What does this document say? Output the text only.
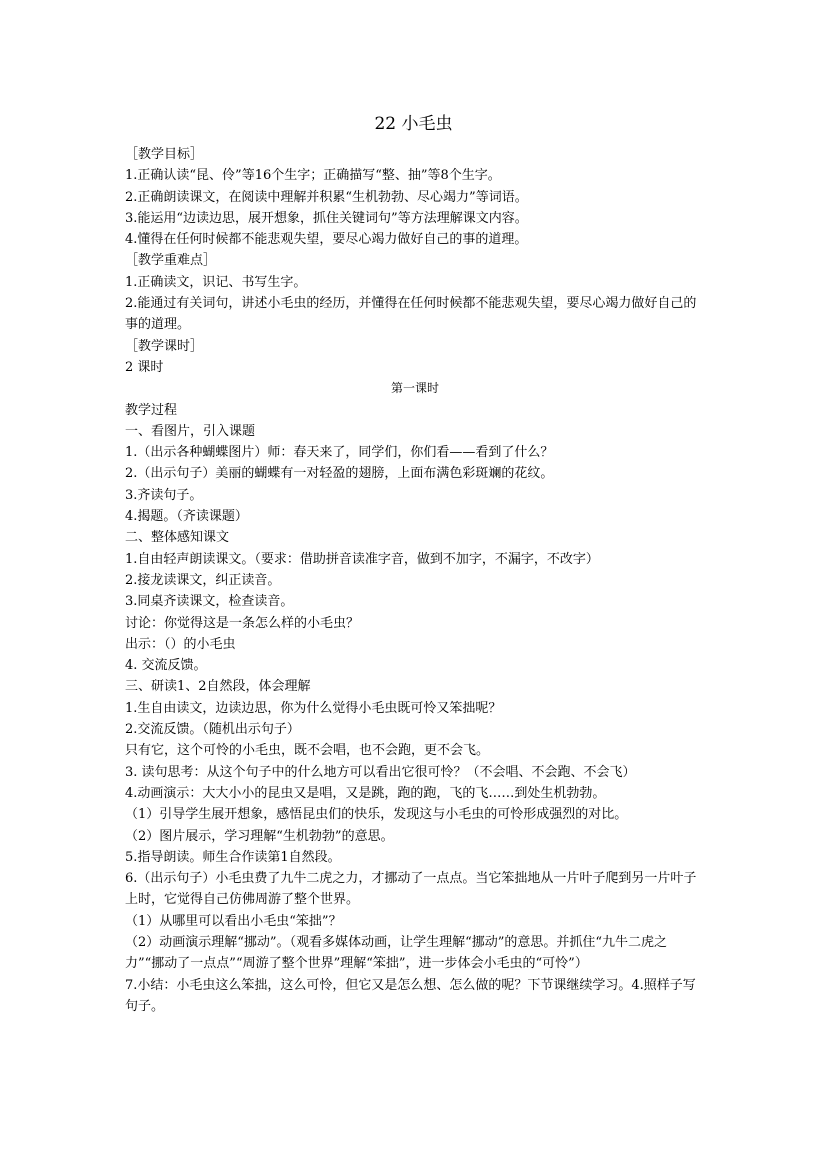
22 小毛虫
［教学目标］
1.正确认读“昆、伶”等16个生字；正确描写“整、抽”等8个生字。
2.正确朗读课文，在阅读中理解并积累“生机勃勃、尽心竭力”等词语。
3.能运用“边读边思，展开想象，抓住关键词句”等方法理解课文内容。
4.懂得在任何时候都不能悲观失望，要尽心竭力做好自己的事的道理。
［教学重难点］
1.正确读文，识记、书写生字。
2.能通过有关词句，讲述小毛虫的经历，并懂得在任何时候都不能悲观失望，要尽心竭力做好自己的事的道理。
［教学课时］
2 课时
第一课时
教学过程
一、看图片，引入课题
1.（出示各种蝴蝶图片）师：春天来了，同学们，你们看——看到了什么？
2.（出示句子）美丽的蝴蝶有一对轻盈的翅膀，上面布满色彩斑斓的花纹。
3.齐读句子。
4.揭题。（齐读课题）
二、整体感知课文
1.自由轻声朗读课文。（要求：借助拼音读准字音，做到不加字，不漏字，不改字）
2.接龙读课文，纠正读音。
3.同桌齐读课文，检查读音。
讨论：你觉得这是一条怎么样的小毛虫？
出示：（）的小毛虫
4. 交流反馈。
三、研读1、2自然段，体会理解
1.生自由读文，边读边思，你为什么觉得小毛虫既可怜又笨拙呢？
2.交流反馈。（随机出示句子）
只有它，这个可怜的小毛虫，既不会唱，也不会跑，更不会飞。
3. 读句思考：从这个句子中的什么地方可以看出它很可怜？（不会唱、不会跑、不会飞）
4.动画演示：大大小小的昆虫又是唱，又是跳，跑的跑，飞的飞……到处生机勃勃。
（1）引导学生展开想象，感悟昆虫们的快乐，发现这与小毛虫的可怜形成强烈的对比。
（2）图片展示，学习理解“生机勃勃”的意思。
5.指导朗读。师生合作读第1自然段。
6.（出示句子）小毛虫费了九牛二虎之力，才挪动了一点点。当它笨拙地从一片叶子爬到另一片叶子上时，它觉得自己仿佛周游了整个世界。
（1）从哪里可以看出小毛虫“笨拙”？
（2）动画演示理解“挪动”。（观看多媒体动画，让学生理解“挪动”的意思。并抓住“九牛二虎之力”“挪动了一点点”“周游了整个世界”理解“笨拙”，进一步体会小毛虫的“可怜”）
7.小结：小毛虫这么笨拙，这么可怜，但它又是怎么想、怎么做的呢？下节课继续学习。4.照样子写句子。
